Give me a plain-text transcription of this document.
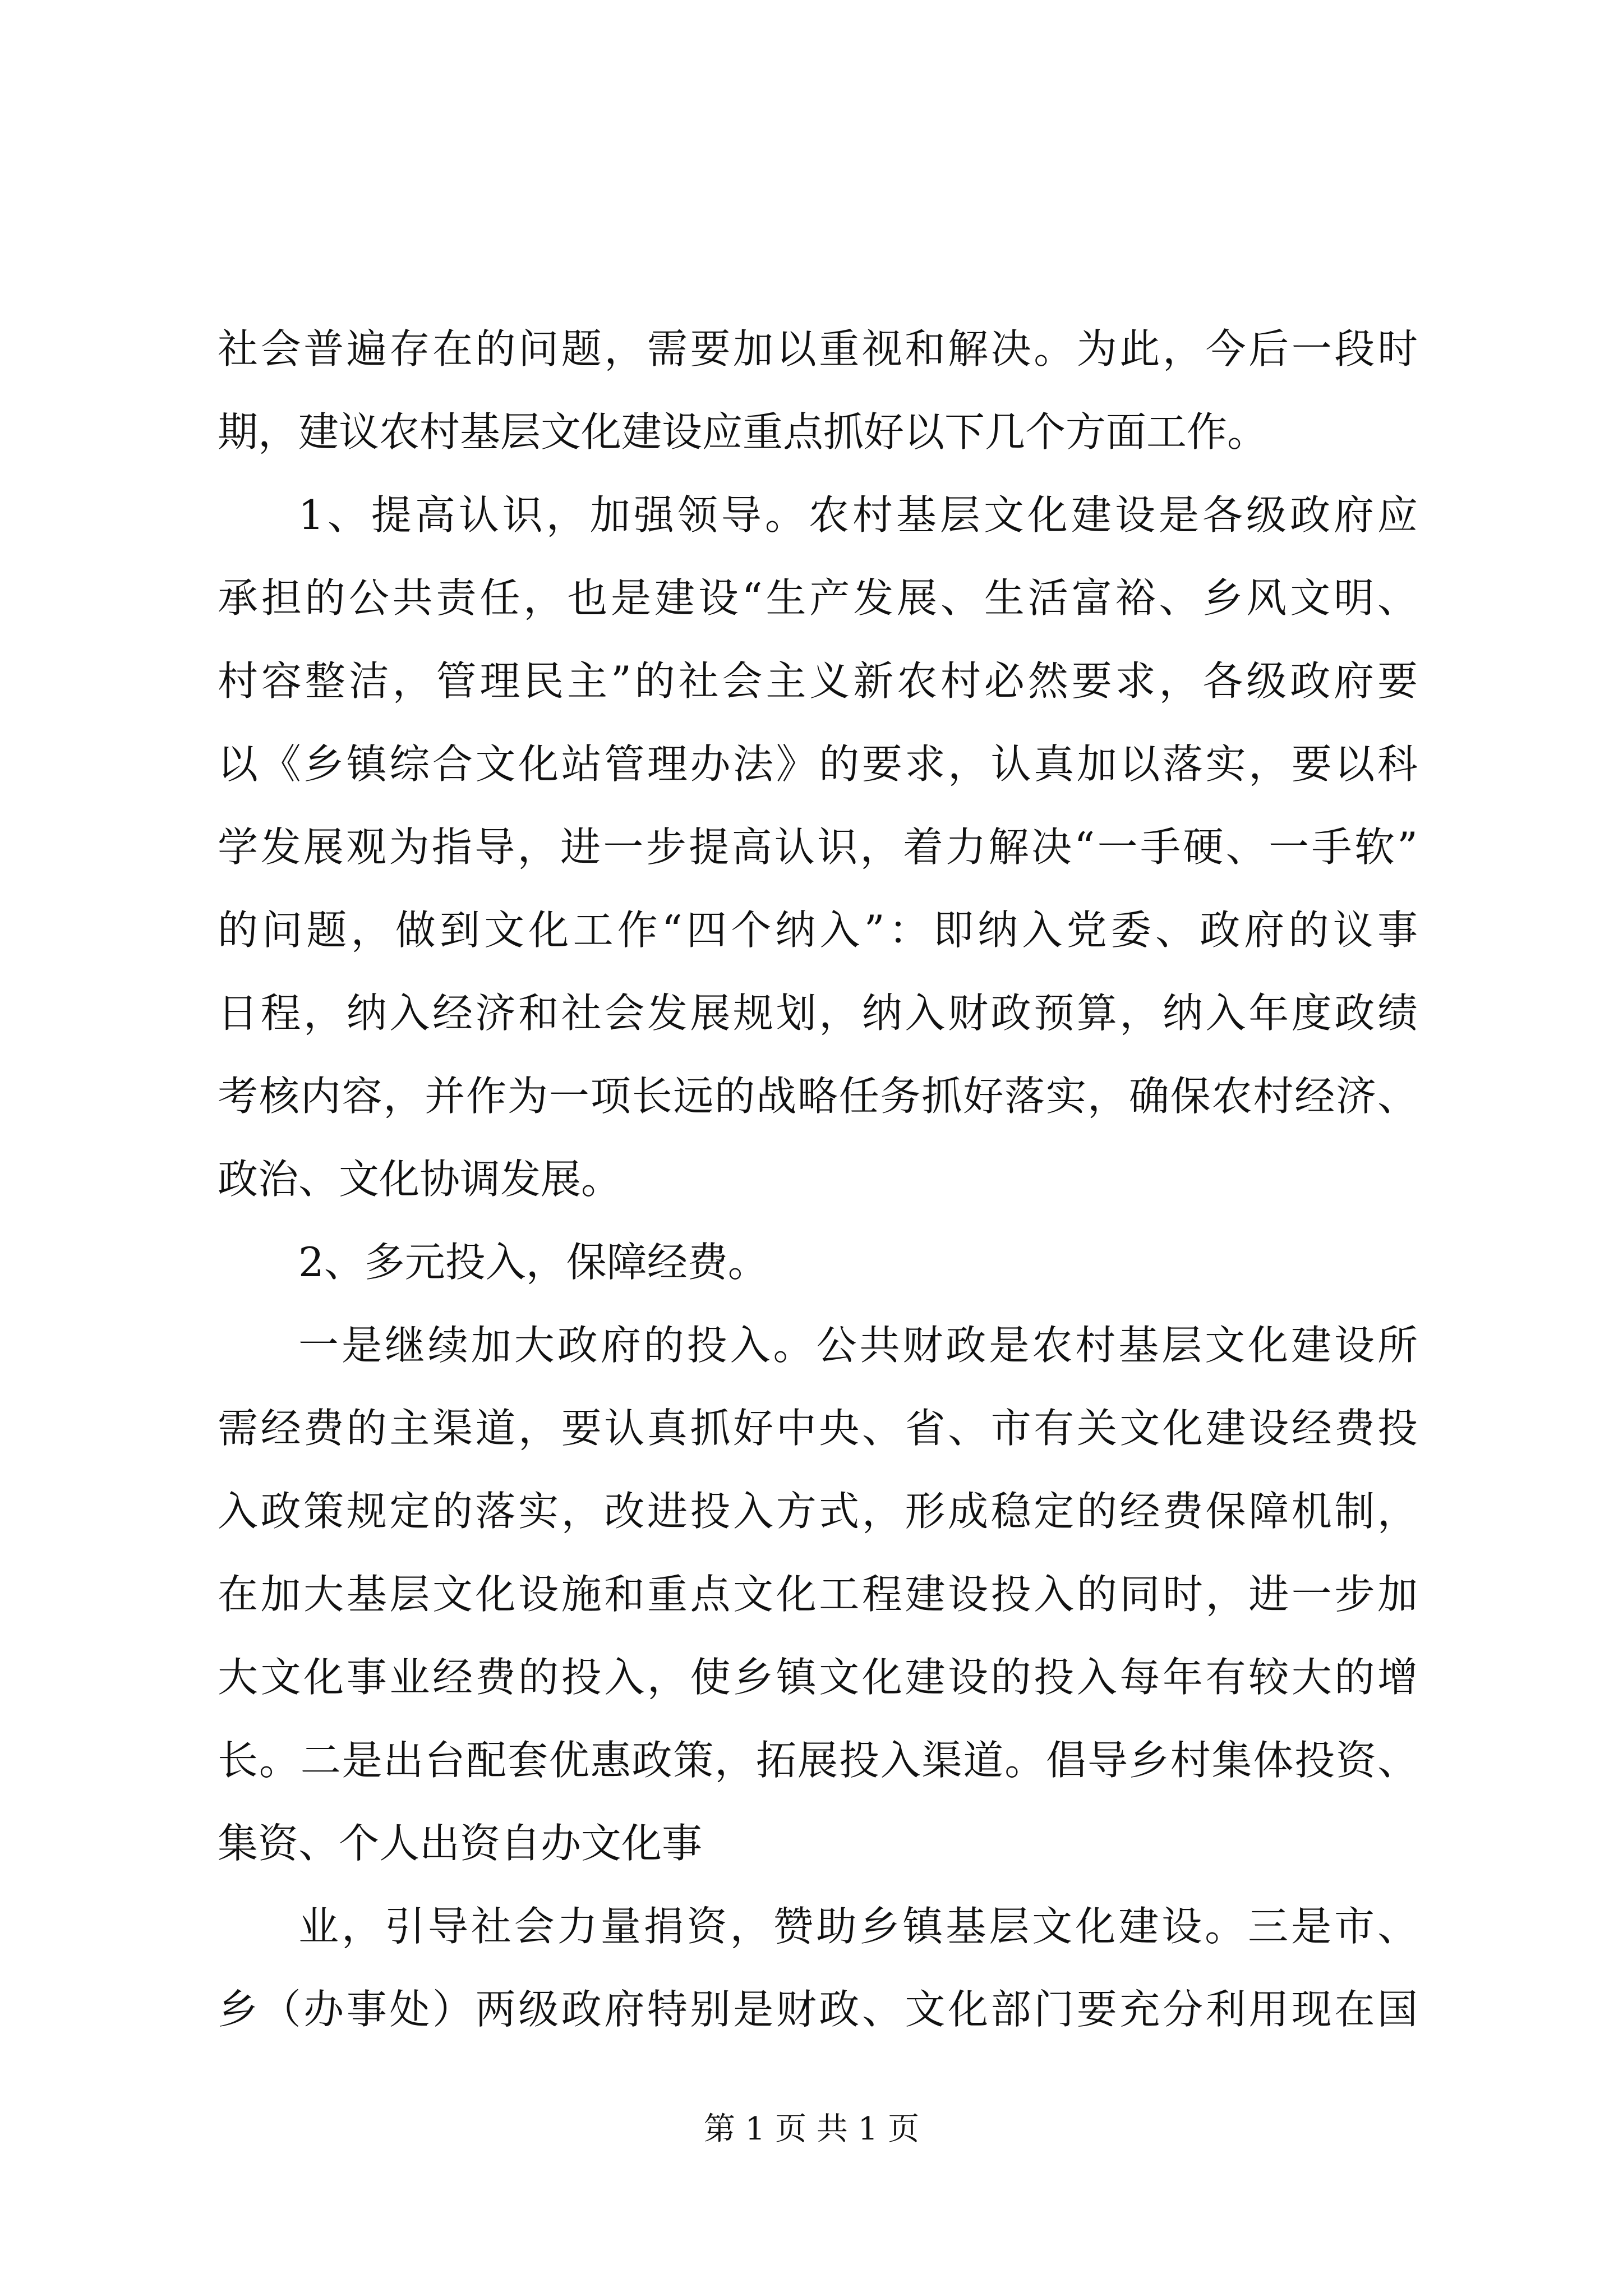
社会普遍存在的问题，需要加以重视和解决。为此，今后一段时
期，建议农村基层文化建设应重点抓好以下几个方面工作。
1、提高认识，加强领导。农村基层文化建设是各级政府应
承担的公共责任，也是建设“生产发展、生活富裕、乡风文明、
村容整洁，管理民主”的社会主义新农村必然要求，各级政府要
以《乡镇综合文化站管理办法》的要求，认真加以落实，要以科
学发展观为指导，进一步提高认识，着力解决“一手硬、一手软”
的问题，做到文化工作“四个纳入”：即纳入党委、政府的议事
日程，纳入经济和社会发展规划，纳入财政预算，纳入年度政绩
考核内容，并作为一项长远的战略任务抓好落实，确保农村经济、
政治、文化协调发展。
2、多元投入，保障经费。
一是继续加大政府的投入。公共财政是农村基层文化建设所
需经费的主渠道，要认真抓好中央、省、市有关文化建设经费投
入政策规定的落实，改进投入方式，形成稳定的经费保障机制，
在加大基层文化设施和重点文化工程建设投入的同时，进一步加
大文化事业经费的投入，使乡镇文化建设的投入每年有较大的增
长。二是出台配套优惠政策，拓展投入渠道。倡导乡村集体投资、
集资、个人出资自办文化事
业，引导社会力量捐资，赞助乡镇基层文化建设。三是市、
乡（办事处）两级政府特别是财政、文化部门要充分利用现在国
第 1 页 共 1 页
